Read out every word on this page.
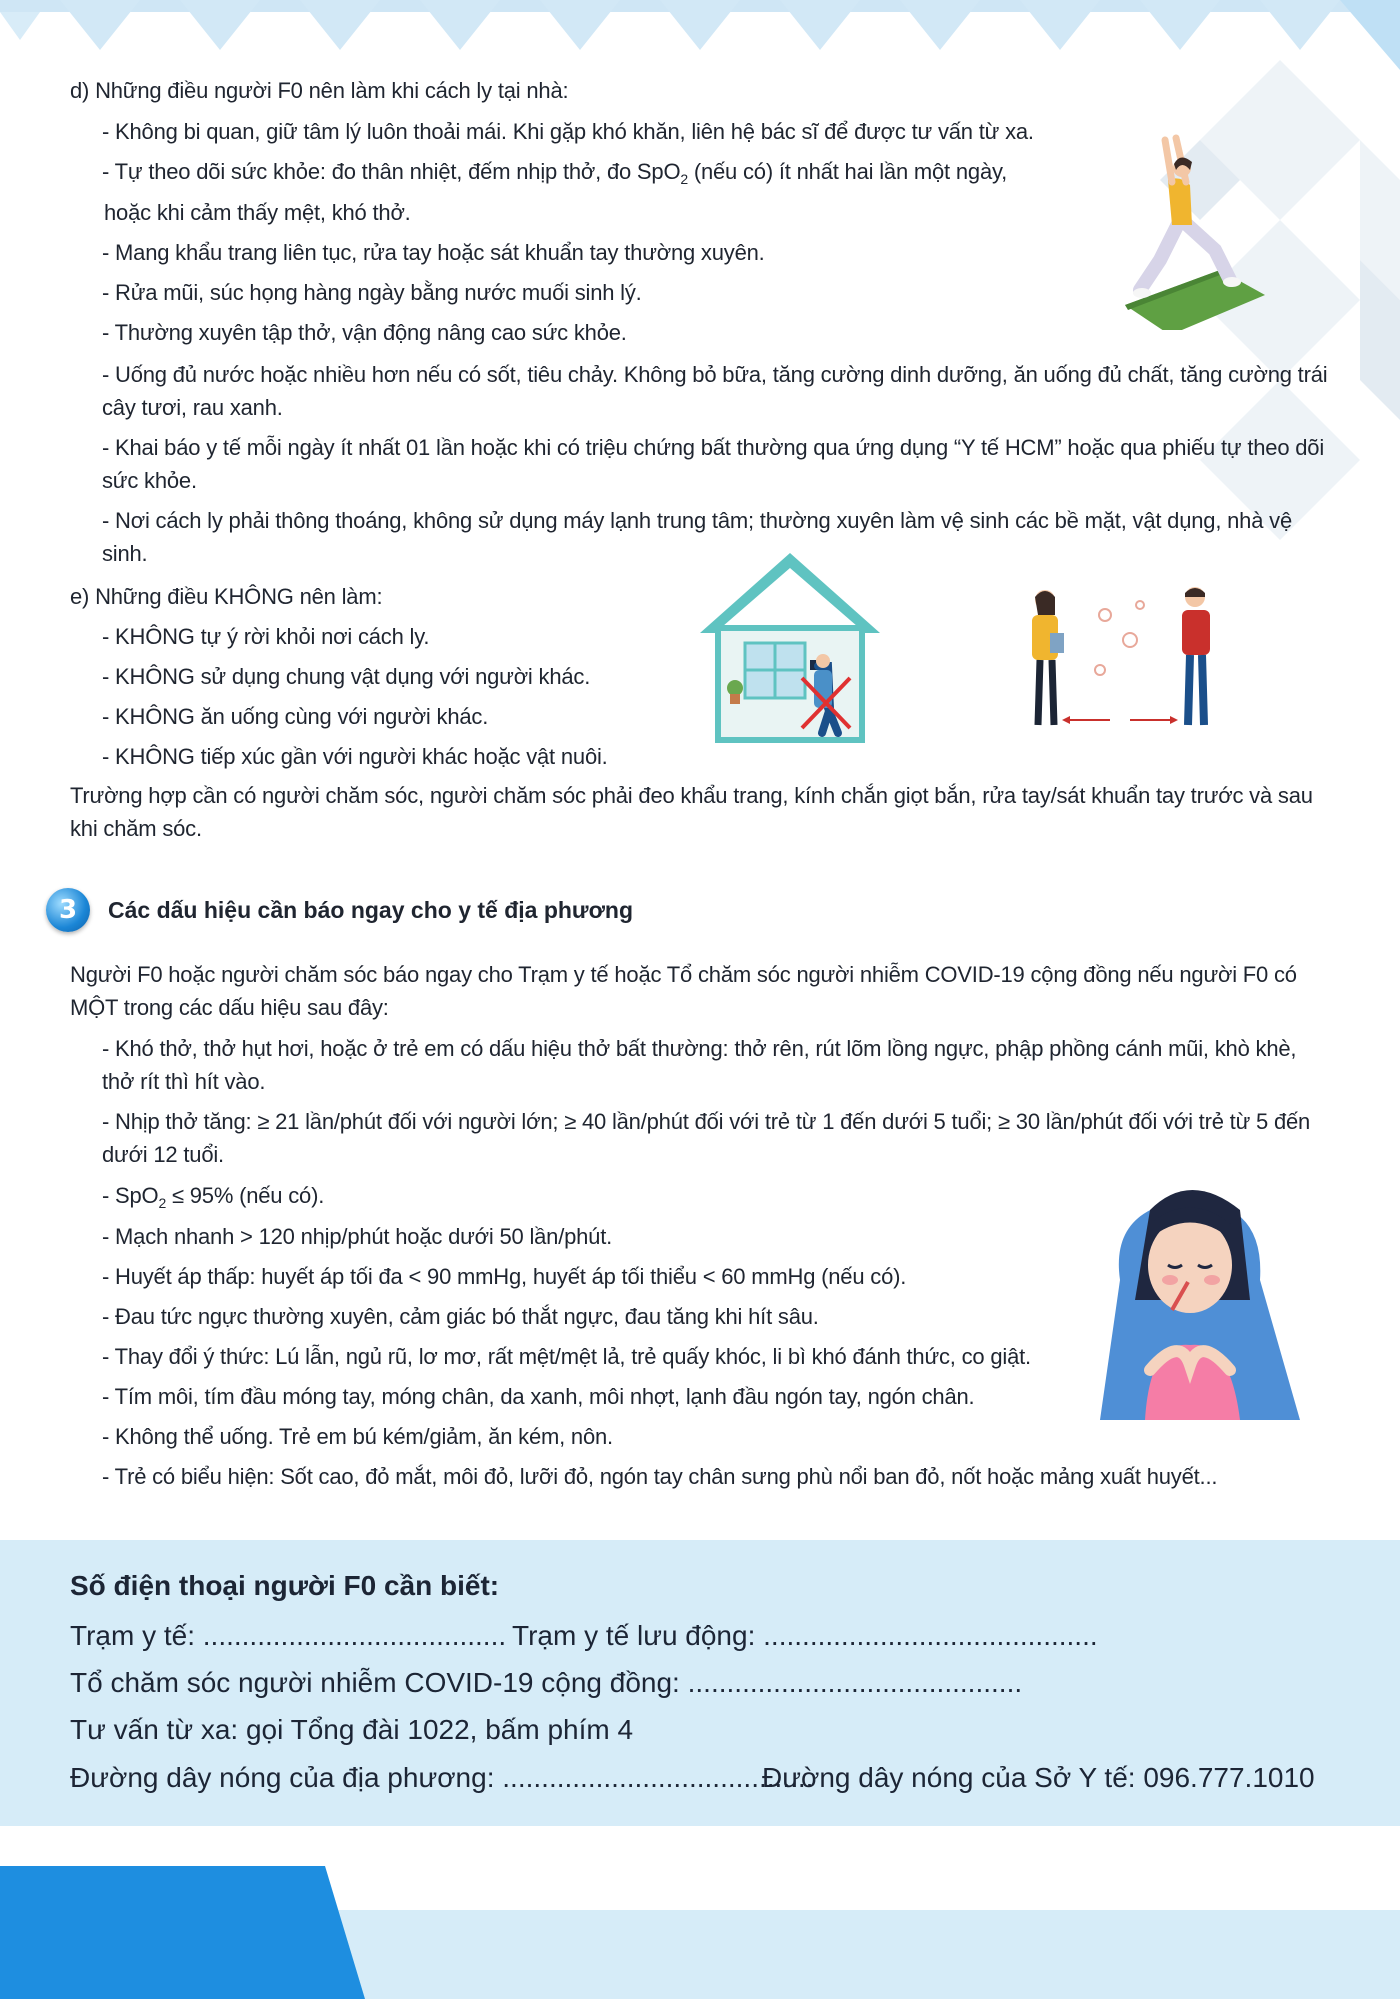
d) Những điều người F0 nên làm khi cách ly tại nhà:
- Không bi quan, giữ tâm lý luôn thoải mái. Khi gặp khó khăn, liên hệ bác sĩ để được tư vấn từ xa.
- Tự theo dõi sức khỏe: đo thân nhiệt, đếm nhịp thở, đo SpO$_2$ (nếu có) ít nhất hai lần một ngày,
hoặc khi cảm thấy mệt, khó thở.
- Mang khẩu trang liên tục, rửa tay hoặc sát khuẩn tay thường xuyên.
- Rửa mũi, súc họng hàng ngày bằng nước muối sinh lý.
- Thường xuyên tập thở, vận động nâng cao sức khỏe.
- Uống đủ nước hoặc nhiều hơn nếu có sốt, tiêu chảy. Không bỏ bữa, tăng cường dinh dưỡng, ăn uống đủ chất, tăng cường trái cây tươi, rau xanh.
- Khai báo y tế mỗi ngày ít nhất 01 lần hoặc khi có triệu chứng bất thường qua ứng dụng “Y tế HCM” hoặc qua phiếu tự theo dõi sức khỏe.
- Nơi cách ly phải thông thoáng, không sử dụng máy lạnh trung tâm; thường xuyên làm vệ sinh các bề mặt, vật dụng, nhà vệ sinh.
e) Những điều KHÔNG nên làm:
- KHÔNG tự ý rời khỏi nơi cách ly.
- KHÔNG sử dụng chung vật dụng với người khác.
- KHÔNG ăn uống cùng với người khác.
- KHÔNG tiếp xúc gần với người khác hoặc vật nuôi.
Trường hợp cần có người chăm sóc, người chăm sóc phải đeo khẩu trang, kính chắn giọt bắn, rửa tay/sát khuẩn tay trước và sau khi chăm sóc.
3	Các dấu hiệu cần báo ngay cho y tế địa phương
Người F0 hoặc người chăm sóc báo ngay cho Trạm y tế hoặc Tổ chăm sóc người nhiễm COVID-19 cộng đồng nếu người F0 có MỘT trong các dấu hiệu sau đây:
- Khó thở, thở hụt hơi, hoặc ở trẻ em có dấu hiệu thở bất thường: thở rên, rút lõm lồng ngực, phập phồng cánh mũi, khò khè, thở rít thì hít vào.
- Nhịp thở tăng: ≥ 21 lần/phút đối với người lớn; ≥ 40 lần/phút đối với trẻ từ 1 đến dưới 5 tuổi; ≥ 30 lần/phút đối với trẻ từ 5 đến dưới 12 tuổi.
- SpO$_2$ ≤ 95% (nếu có).
- Mạch nhanh > 120 nhịp/phút hoặc dưới 50 lần/phút.
- Huyết áp thấp: huyết áp tối đa < 90 mmHg, huyết áp tối thiểu < 60 mmHg (nếu có).
- Đau tức ngực thường xuyên, cảm giác bó thắt ngực, đau tăng khi hít sâu.
- Thay đổi ý thức: Lú lẫn, ngủ rũ, lơ mơ, rất mệt/mệt lả, trẻ quấy khóc, li bì khó đánh thức, co giật.
- Tím môi, tím đầu móng tay, móng chân, da xanh, môi nhợt, lạnh đầu ngón tay, ngón chân.
- Không thể uống. Trẻ em bú kém/giảm, ăn kém, nôn.
- Trẻ có biểu hiện: Sốt cao, đỏ mắt, môi đỏ, lưỡi đỏ, ngón tay chân sưng phù nổi ban đỏ, nốt hoặc mảng xuất huyết...
Số điện thoại người F0 cần biết:
Trạm y tế: ....................................... Trạm y tế lưu động: ...........................................
Tổ chăm sóc người nhiễm COVID-19 cộng đồng: ...........................................
Tư vấn từ xa: gọi Tổng đài 1022, bấm phím 4
Đường dây nóng của địa phương: ........................................
Đường dây nóng của Sở Y tế: 096.777.1010
